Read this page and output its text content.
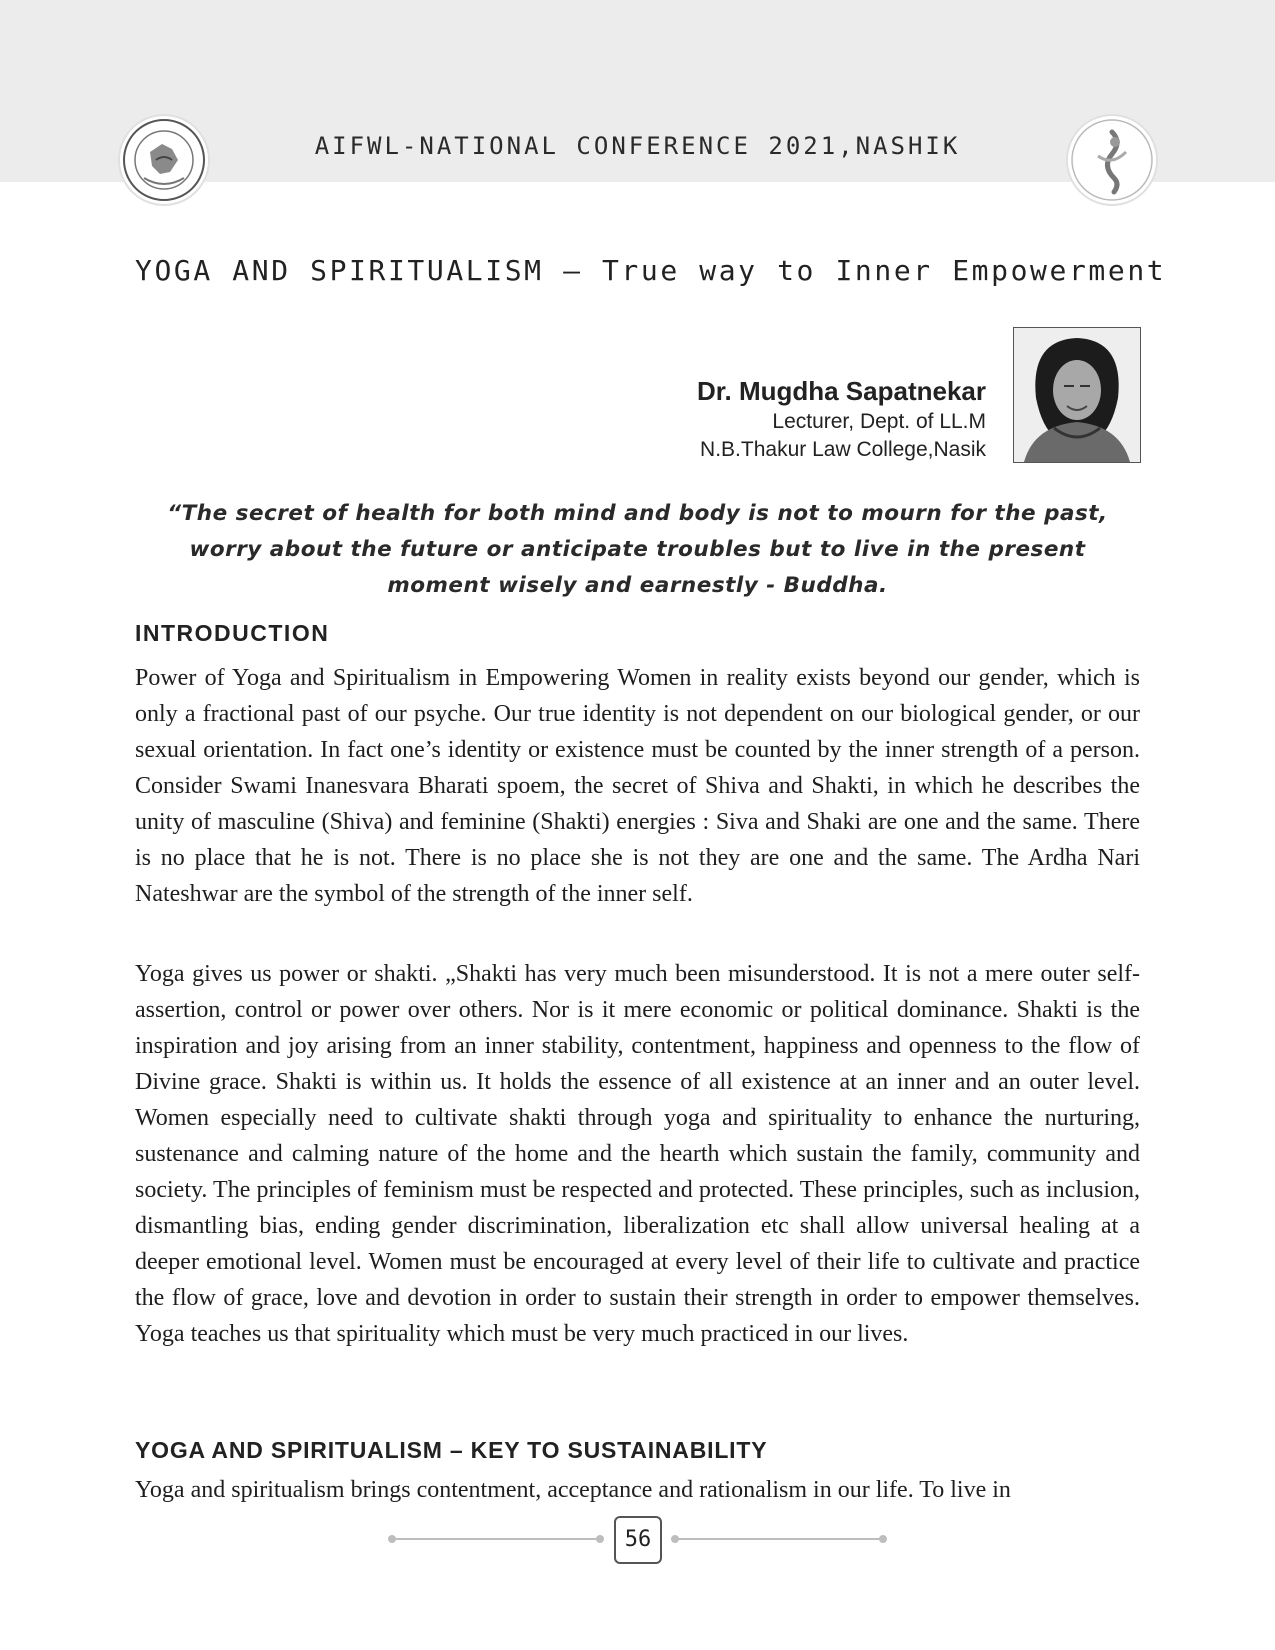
AIFWL-NATIONAL CONFERENCE 2021,NASHIK
YOGA AND SPIRITUALISM – True way to Inner Empowerment
Dr. Mugdha Sapatnekar
Lecturer, Dept. of LL.M
N.B.Thakur Law College,Nasik
“The secret of health for both mind and body is not to mourn for the past, worry about the future or anticipate troubles but to live in the present moment wisely and earnestly - Buddha.
INTRODUCTION

Power of Yoga and Spiritualism in Empowering Women in reality exists beyond our gender, which is only a fractional past of our psyche. Our true identity is not dependent on our biological gender, or our sexual orientation. In fact one’s identity or existence must be counted by the inner strength of a person. Consider Swami Inanesvara Bharati spoem, the secret of Shiva and Shakti, in which he describes the unity of masculine (Shiva) and feminine (Shakti) energies : Siva and Shaki are one and the same. There is no place that he is not. There is no place she is not they are one and the same. The Ardha Nari Nateshwar are the symbol of the strength of the inner self.

Yoga gives us power or shakti. „Shakti has very much been misunderstood. It is not a mere outer self-assertion, control or power over others. Nor is it mere economic or political dominance. Shakti is the inspiration and joy arising from an inner stability, contentment, happiness and openness to the flow of Divine grace. Shakti is within us. It holds the essence of all existence at an inner and an outer level. Women especially need to cultivate shakti through yoga and spirituality to enhance the nurturing, sustenance and calming nature of the home and the hearth which sustain the family, community and society. The principles of feminism must be respected and protected. These principles, such as inclusion, dismantling bias, ending gender discrimination, liberalization etc shall allow universal healing at a deeper emotional level. Women must be encouraged at every level of their life to cultivate and practice the flow of grace, love and devotion in order to sustain their strength in order to empower themselves. Yoga teaches us that spirituality which must be very much practiced in our lives.

YOGA AND SPIRITUALISM – KEY TO SUSTAINABILITY

Yoga and spiritualism brings contentment, acceptance and rationalism in our life. To live in

56
